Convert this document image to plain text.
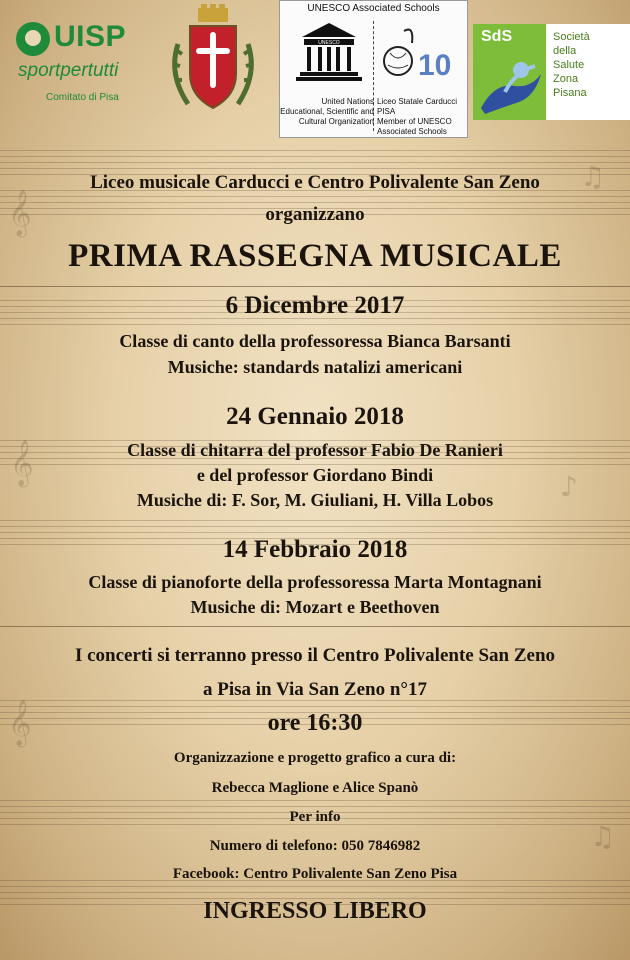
𝄞
𝄞
𝄞
♫
♪
♫
UISP
sportpertutti
Comitato di Pisa
UNESCO Associated Schools
UNESCO
10
United Nations
Educational, Scientific and
Cultural Organization
Liceo Statale Carducci PISA
Member of UNESCO
Associated Schools
SdS	Società
della
Salute
Zona
Pisana
Liceo musicale Carducci e Centro Polivalente San Zeno
organizzano
PRIMA RASSEGNA MUSICALE
6 Dicembre 2017
Classe di canto della professoressa Bianca Barsanti
Musiche: standards natalizi americani
24 Gennaio 2018
Classe di chitarra del professor Fabio De Ranieri
e del professor Giordano Bindi
Musiche di: F. Sor, M. Giuliani, H. Villa Lobos
14 Febbraio 2018
Classe di pianoforte della professoressa Marta Montagnani
Musiche di: Mozart e Beethoven
I concerti si terranno presso il Centro Polivalente San Zeno
a Pisa in Via San Zeno n°17
ore 16:30
Organizzazione e progetto grafico a cura di:
Rebecca Maglione e Alice Spanò
Per info
Numero di telefono: 050 7846982
Facebook: Centro Polivalente San Zeno Pisa
INGRESSO LIBERO
